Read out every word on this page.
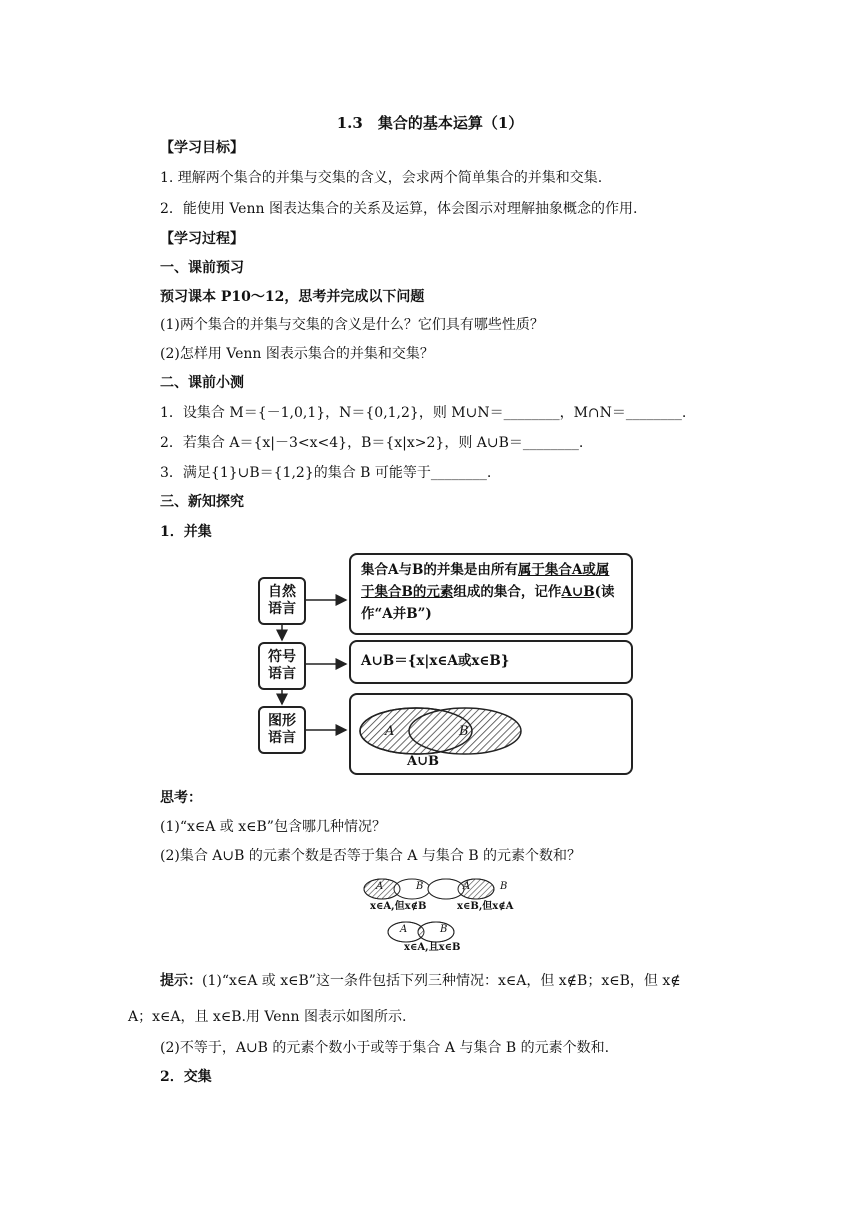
1.3　集合的基本运算（1）
【学习目标】
1. 理解两个集合的并集与交集的含义，会求两个简单集合的并集和交集.
2．能使用 Venn 图表达集合的关系及运算，体会图示对理解抽象概念的作用.
【学习过程】
一、课前预习
预习课本 P10～12，思考并完成以下问题
(1)两个集合的并集与交集的含义是什么？它们具有哪些性质？
(2)怎样用 Venn 图表示集合的并集和交集？
二、课前小测
1．设集合 M＝{－1,0,1}，N＝{0,1,2}，则 M∪N＝________，M∩N＝________.
2．若集合 A＝{x|－3<x<4}，B＝{x|x>2}，则 A∪B＝________.
3．满足{1}∪B＝{1,2}的集合 B 可能等于________.
三、新知探究
1．并集
自然
语言
符号
语言
图形
语言
集合A与B的并集是由所有属于集合A或属
于集合B的元素组成的集合，记作A∪B(读
作“A并B”)
A∪B＝{x|x∈A或x∈B}
A	B
A∪B
思考：
(1)“x∈A 或 x∈B”包含哪几种情况？
(2)集合 A∪B 的元素个数是否等于集合 A 与集合 B 的元素个数和？
A	B	A	B
x∈A,但x∉B	x∈B,但x∉A
A	B
x∈A,且x∈B
提示：(1)“x∈A 或 x∈B”这一条件包括下列三种情况：x∈A，但 x∉B；x∈B，但 x∉
A；x∈A，且 x∈B.用 Venn 图表示如图所示.
(2)不等于，A∪B 的元素个数小于或等于集合 A 与集合 B 的元素个数和.
2．交集
